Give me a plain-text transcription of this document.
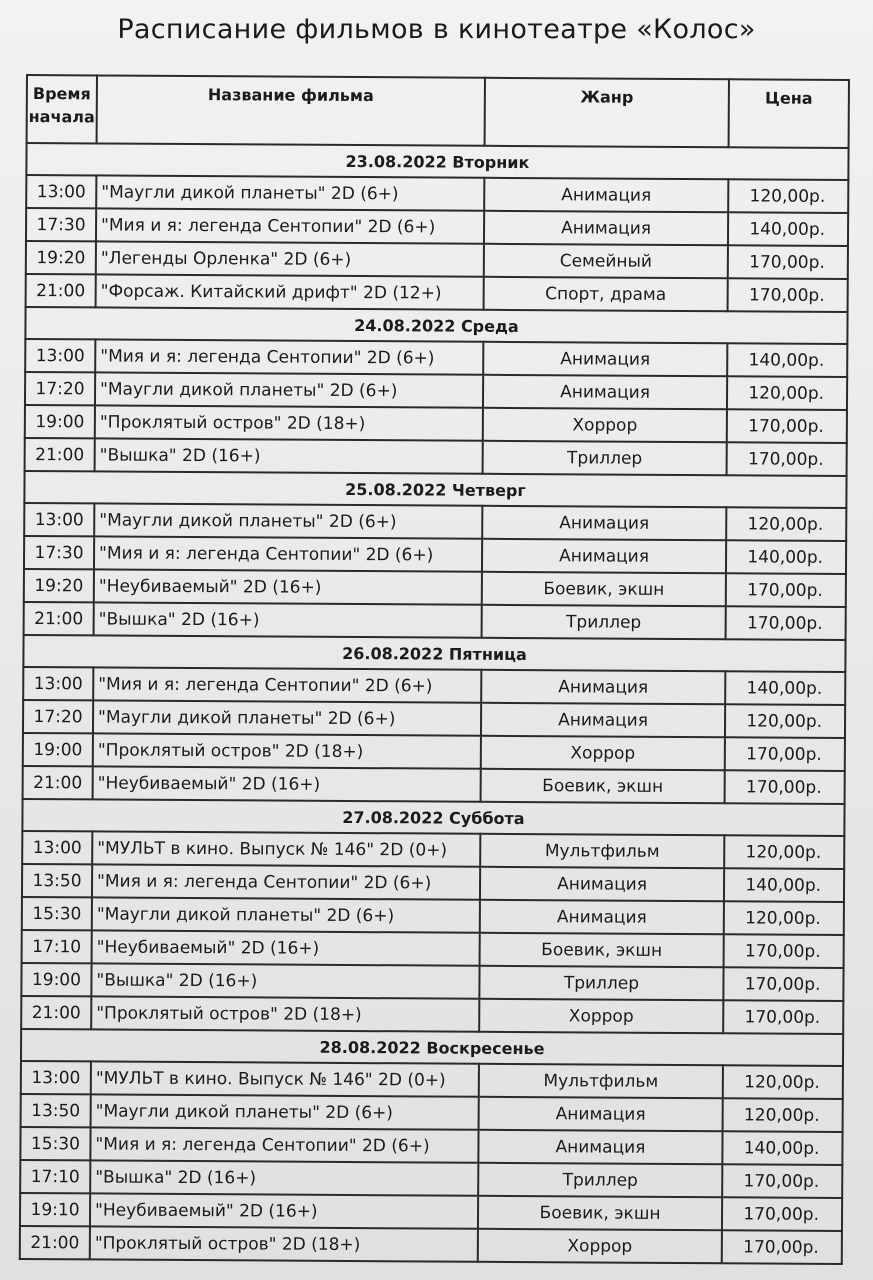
Расписание фильмов в кинотеатре «Колос»
Время
начала	Название фильма	Жанр	Цена
23.08.2022 Вторник			
13:00	"Маугли дикой планеты" 2D (6+)	Анимация	120,00р.
17:30	"Мия и я: легенда Сентопии" 2D (6+)	Анимация	140,00р.
19:20	"Легенды Орленка" 2D (6+)	Семейный	170,00р.
21:00	"Форсаж. Китайский дрифт" 2D (12+)	Спорт, драма	170,00р.
24.08.2022 Среда			
13:00	"Мия и я: легенда Сентопии" 2D (6+)	Анимация	140,00р.
17:20	"Маугли дикой планеты" 2D (6+)	Анимация	120,00р.
19:00	"Проклятый остров" 2D (18+)	Хоррор	170,00р.
21:00	"Вышка" 2D (16+)	Триллер	170,00р.
25.08.2022 Четверг			
13:00	"Маугли дикой планеты" 2D (6+)	Анимация	120,00р.
17:30	"Мия и я: легенда Сентопии" 2D (6+)	Анимация	140,00р.
19:20	"Неубиваемый" 2D (16+)	Боевик, экшн	170,00р.
21:00	"Вышка" 2D (16+)	Триллер	170,00р.
26.08.2022 Пятница			
13:00	"Мия и я: легенда Сентопии" 2D (6+)	Анимация	140,00р.
17:20	"Маугли дикой планеты" 2D (6+)	Анимация	120,00р.
19:00	"Проклятый остров" 2D (18+)	Хоррор	170,00р.
21:00	"Неубиваемый" 2D (16+)	Боевик, экшн	170,00р.
27.08.2022 Суббота			
13:00	"МУЛЬТ в кино. Выпуск № 146" 2D (0+)	Мультфильм	120,00р.
13:50	"Мия и я: легенда Сентопии" 2D (6+)	Анимация	140,00р.
15:30	"Маугли дикой планеты" 2D (6+)	Анимация	120,00р.
17:10	"Неубиваемый" 2D (16+)	Боевик, экшн	170,00р.
19:00	"Вышка" 2D (16+)	Триллер	170,00р.
21:00	"Проклятый остров" 2D (18+)	Хоррор	170,00р.
28.08.2022 Воскресенье			
13:00	"МУЛЬТ в кино. Выпуск № 146" 2D (0+)	Мультфильм	120,00р.
13:50	"Маугли дикой планеты" 2D (6+)	Анимация	120,00р.
15:30	"Мия и я: легенда Сентопии" 2D (6+)	Анимация	140,00р.
17:10	"Вышка" 2D (16+)	Триллер	170,00р.
19:10	"Неубиваемый" 2D (16+)	Боевик, экшн	170,00р.
21:00	"Проклятый остров" 2D (18+)	Хоррор	170,00р.
